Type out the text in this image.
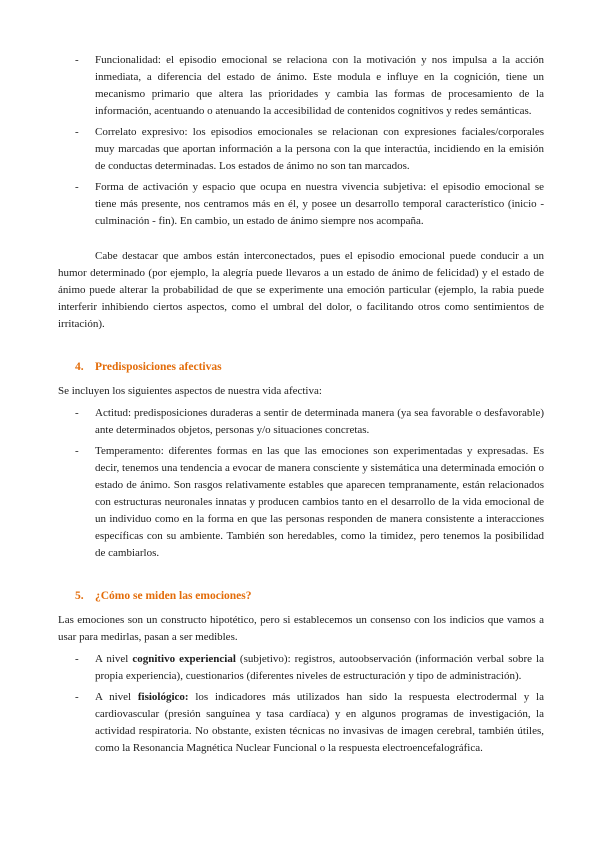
-	Funcionalidad: el episodio emocional se relaciona con la motivación y nos impulsa a la acción inmediata, a diferencia del estado de ánimo. Este modula e influye en la cognición, tiene un mecanismo primario que altera las prioridades y cambia las formas de procesamiento de la información, acentuando o atenuando la accesibilidad de contenidos cognitivos y redes semánticas.
-	Correlato expresivo: los episodios emocionales se relacionan con expresiones faciales/corporales muy marcadas que aportan información a la persona con la que interactúa, incidiendo en la emisión de conductas determinadas. Los estados de ánimo no son tan marcados.
-	Forma de activación y espacio que ocupa en nuestra vivencia subjetiva: el episodio emocional se tiene más presente, nos centramos más en él, y posee un desarrollo temporal característico (inicio - culminación - fin). En cambio, un estado de ánimo siempre nos acompaña.

Cabe destacar que ambos están interconectados, pues el episodio emocional puede conducir a un humor determinado (por ejemplo, la alegría puede llevaros a un estado de ánimo de felicidad) y el estado de ánimo puede alterar la probabilidad de que se experimente una emoción particular (ejemplo, la rabia puede interferir inhibiendo ciertos aspectos, como el umbral del dolor, o facilitando otros como sentimientos de irritación).

4. Predisposiciones afectivas

Se incluyen los siguientes aspectos de nuestra vida afectiva:

-	Actitud: predisposiciones duraderas a sentir de determinada manera (ya sea favorable o desfavorable) ante determinados objetos, personas y/o situaciones concretas.
-	Temperamento: diferentes formas en las que las emociones son experimentadas y expresadas. Es decir, tenemos una tendencia a evocar de manera consciente y sistemática una determinada emoción o estado de ánimo. Son rasgos relativamente estables que aparecen tempranamente, están relacionados con estructuras neuronales innatas y producen cambios tanto en el desarrollo de la vida emocional de un individuo como en la forma en que las personas responden de manera consistente a interacciones específicas con su ambiente. También son heredables, como la timidez, pero tenemos la posibilidad de cambiarlos.
5. ¿Cómo se miden las emociones?

Las emociones son un constructo hipotético, pero si establecemos un consenso con los indicios que vamos a usar para medirlas, pasan a ser medibles.

-	A nivel cognitivo experiencial (subjetivo): registros, autoobservación (información verbal sobre la propia experiencia), cuestionarios (diferentes niveles de estructuración y tipo de administración).
-	A nivel fisiológico: los indicadores más utilizados han sido la respuesta electrodermal y la cardiovascular (presión sanguínea y tasa cardíaca) y en algunos programas de investigación, la actividad respiratoria. No obstante, existen técnicas no invasivas de imagen cerebral, también útiles, como la Resonancia Magnética Nuclear Funcional o la respuesta electroencefalográfica.
